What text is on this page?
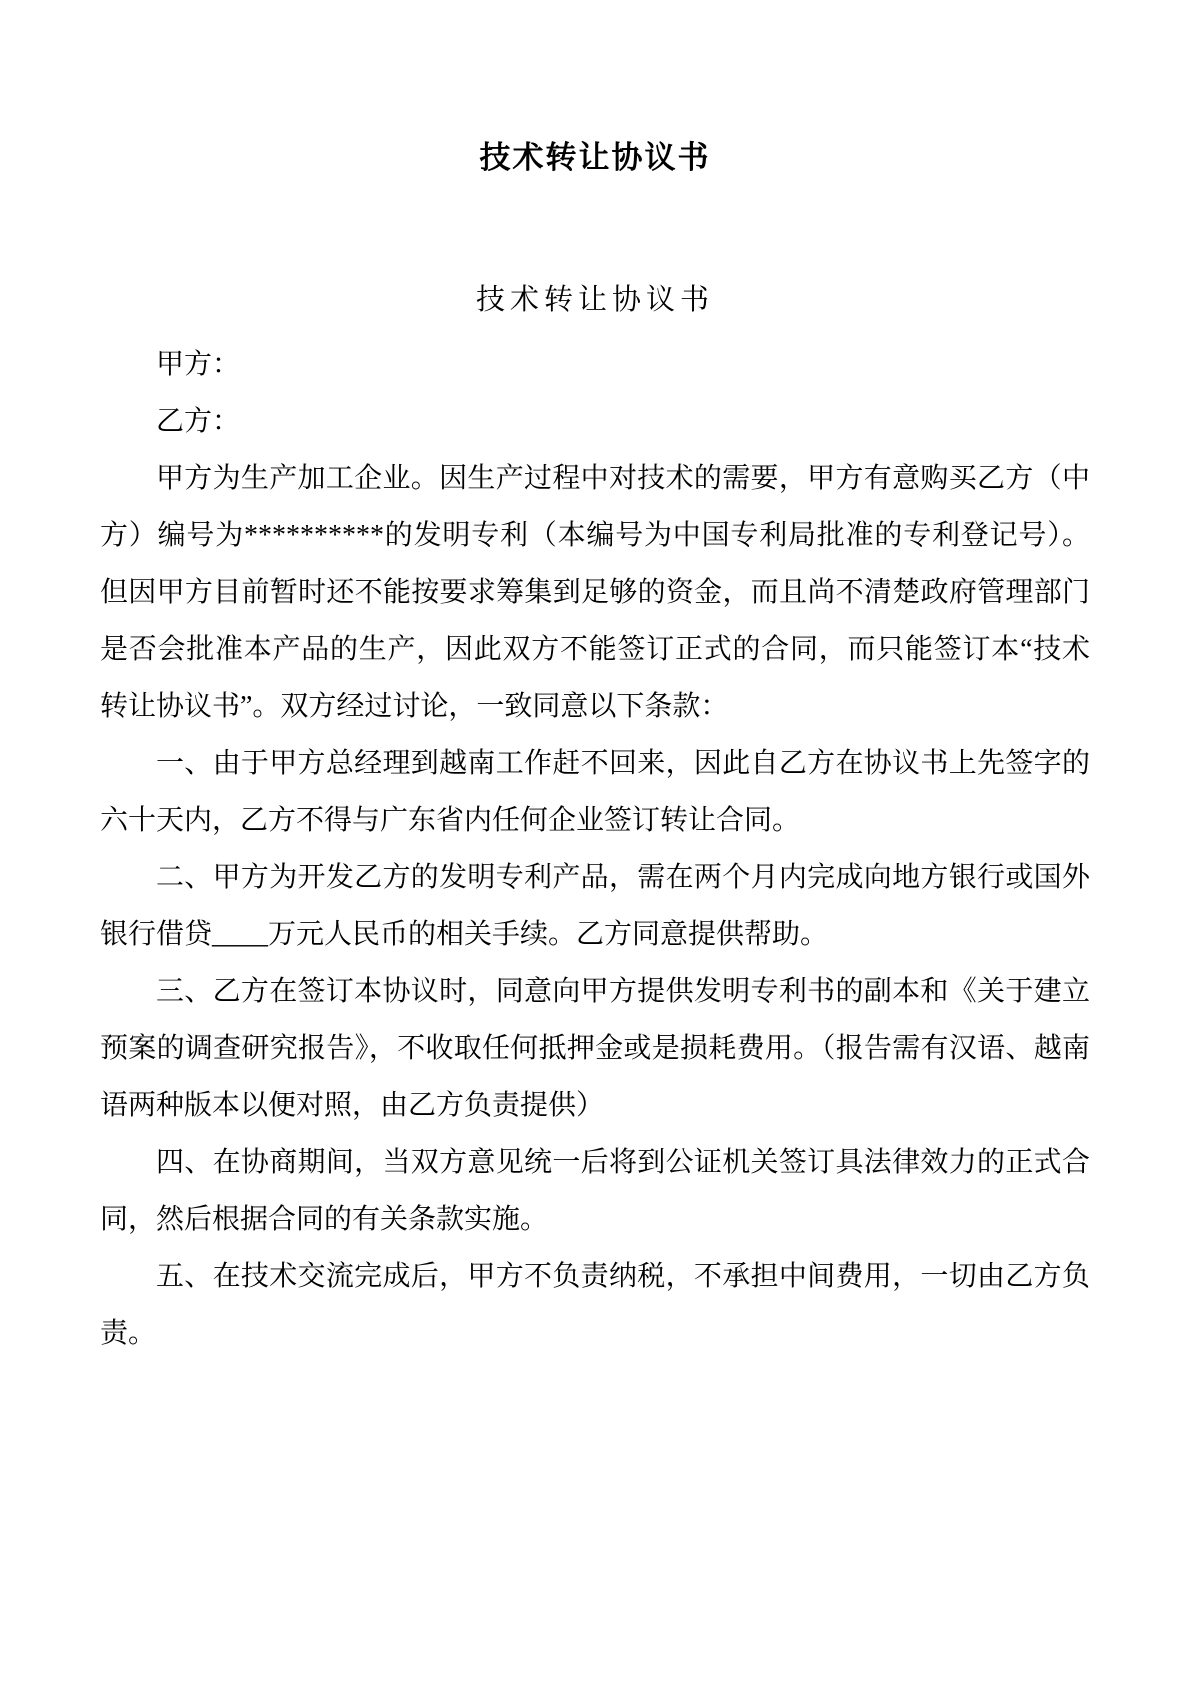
技术转让协议书
技术转让协议书

甲方：

乙方：

甲方为生产加工企业。因生产过程中对技术的需要，甲方有意购买乙方（中方）编号为**********的发明专利（本编号为中国专利局批准的专利登记号）。但因甲方目前暂时还不能按要求筹集到足够的资金，而且尚不清楚政府管理部门是否会批准本产品的生产，因此双方不能签订正式的合同，而只能签订本“技术转让协议书”。双方经过讨论，一致同意以下条款：

一、由于甲方总经理到越南工作赶不回来，因此自乙方在协议书上先签字的六十天内，乙方不得与广东省内任何企业签订转让合同。

二、甲方为开发乙方的发明专利产品，需在两个月内完成向地方银行或国外银行借贷____万元人民币的相关手续。乙方同意提供帮助。

三、乙方在签订本协议时，同意向甲方提供发明专利书的副本和《关于建立预案的调查研究报告》，不收取任何抵押金或是损耗费用。（报告需有汉语、越南语两种版本以便对照，由乙方负责提供）

四、在协商期间，当双方意见统一后将到公证机关签订具法律效力的正式合同，然后根据合同的有关条款实施。

五、在技术交流完成后，甲方不负责纳税，不承担中间费用，一切由乙方负责。
